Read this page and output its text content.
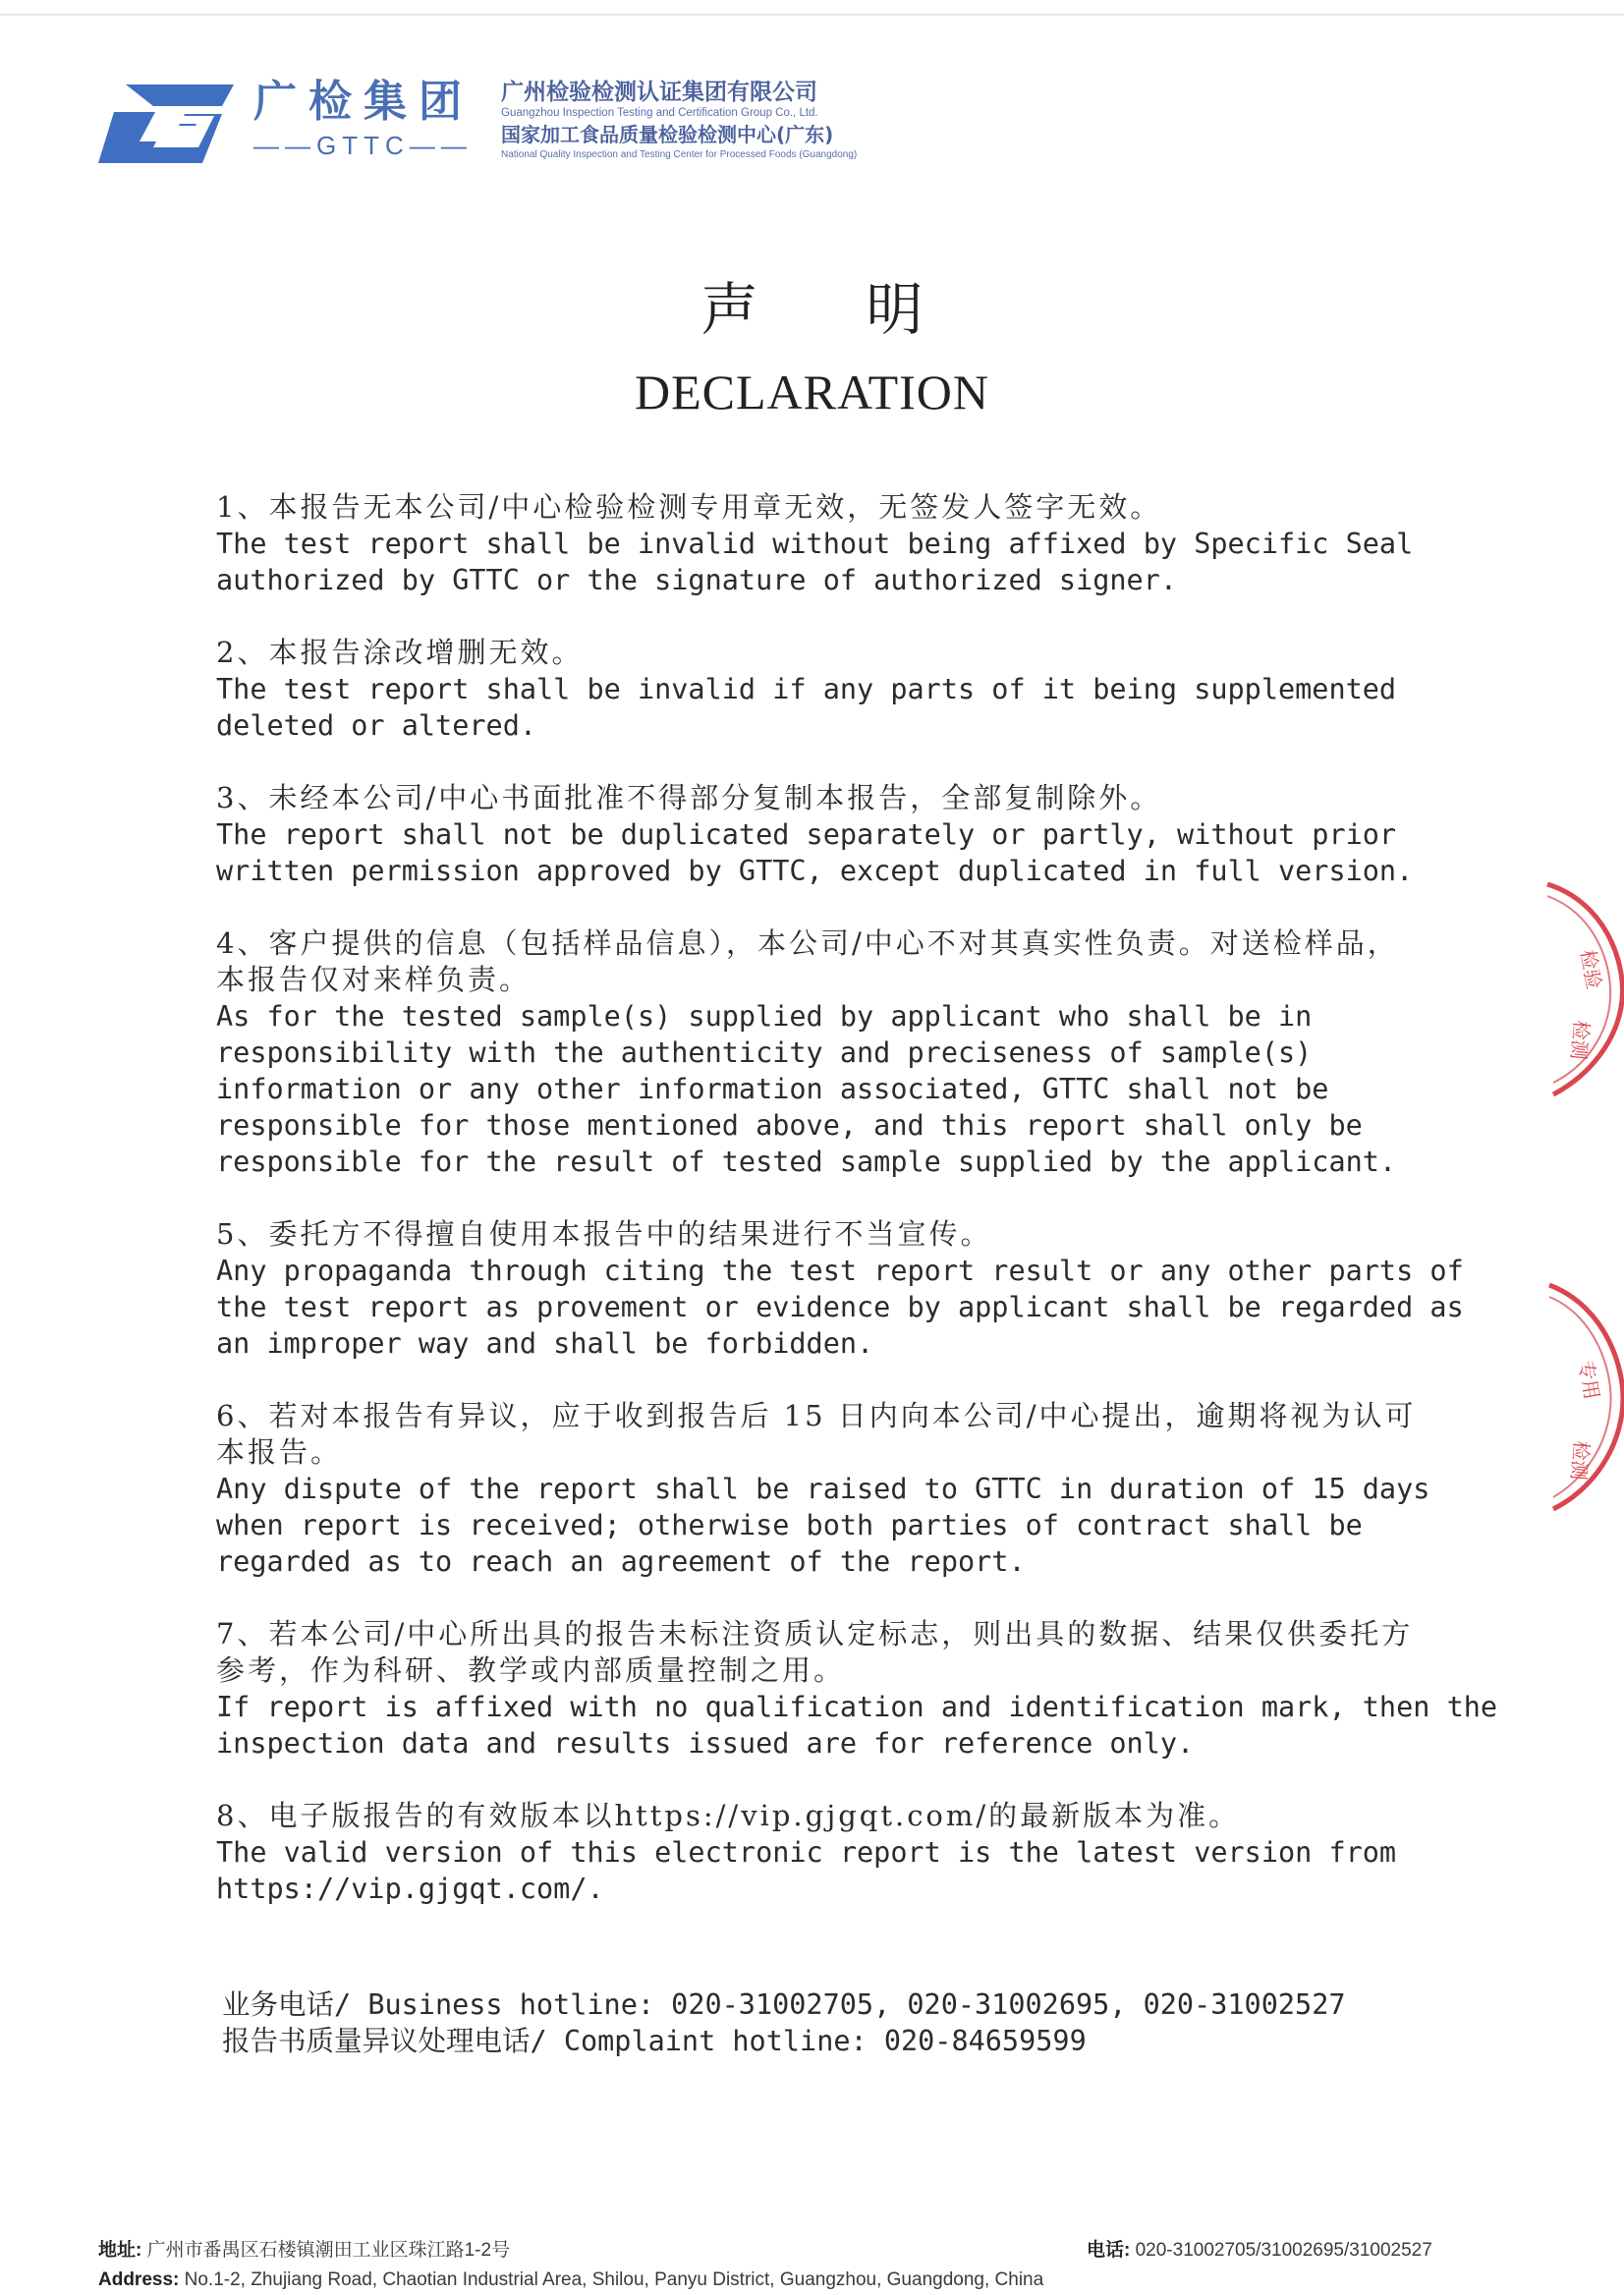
广检集团
——GTTC——
广州检验检测认证集团有限公司
Guangzhou Inspection Testing and Certification Group Co., Ltd.
国家加工食品质量检验检测中心(广东)
National Quality Inspection and Testing Center for Processed Foods (Guangdong)
声明
DECLARATION
1、本报告无本公司/中心检验检测专用章无效，无签发人签字无效。
The test report shall be invalid without being affixed by Specific Seal
authorized by GTTC or the signature of authorized signer.
2、本报告涂改增删无效。
The test report shall be invalid if any parts of it being supplemented
deleted or altered.
3、未经本公司/中心书面批准不得部分复制本报告，全部复制除外。
The report shall not be duplicated separately or partly, without prior
written permission approved by GTTC, except duplicated in full version.
4、客户提供的信息（包括样品信息），本公司/中心不对其真实性负责。对送检样品，
本报告仅对来样负责。
As for the tested sample(s) supplied by applicant who shall be in
responsibility with the authenticity and preciseness of sample(s)
information or any other information associated, GTTC shall not be
responsible for those mentioned above, and this report shall only be
responsible for the result of tested sample supplied by the applicant.
5、委托方不得擅自使用本报告中的结果进行不当宣传。
Any propaganda through citing the test report result or any other parts of
the test report as provement or evidence by applicant shall be regarded as
an improper way and shall be forbidden.
6、若对本报告有异议，应于收到报告后 15 日内向本公司/中心提出，逾期将视为认可
本报告。
Any dispute of the report shall be raised to GTTC in duration of 15 days
when report is received; otherwise both parties of contract shall be
regarded as to reach an agreement of the report.
7、若本公司/中心所出具的报告未标注资质认定标志，则出具的数据、结果仅供委托方
参考，作为科研、教学或内部质量控制之用。
If report is affixed with no qualification and identification mark, then the
inspection data and results issued are for reference only.
8、电子版报告的有效版本以https://vip.gjgqt.com/的最新版本为准。
The valid version of this electronic report is the latest version from
https://vip.gjgqt.com/.
业务电话/ Business hotline: 020-31002705, 020-31002695, 020-31002527
报告书质量异议处理电话/ Complaint hotline: 020-84659599
地址: 广州市番禺区石楼镇潮田工业区珠江路1-2号	电话: 020-31002705/31002695/31002527
Address: No.1-2, Zhujiang Road, Chaotian Industrial Area, Shilou, Panyu District, Guangzhou, Guangdong, China
检验
检测
专用
检测
